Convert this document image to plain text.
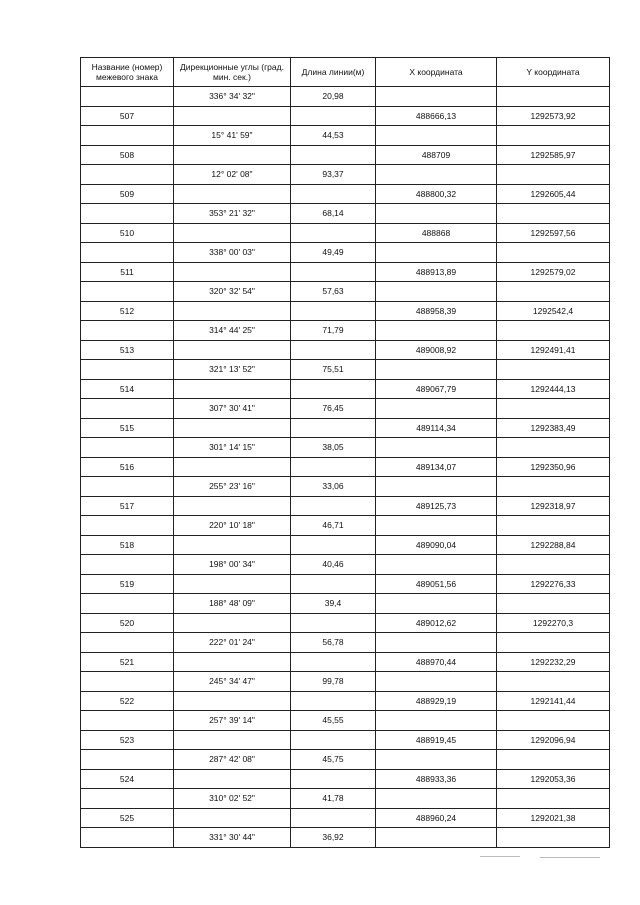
Название (номер) межевого знака	Дирекционные углы (град. мин. сек.)	Длина линии(м)	X координата	Y координата
	336° 34' 32"	20,98		
507			488666,13	1292573,92
	15° 41' 59"	44,53		
508			488709	1292585,97
	12° 02' 08"	93,37		
509			488800,32	1292605,44
	353° 21' 32"	68,14		
510			488868	1292597,56
	338° 00' 03"	49,49		
511			488913,89	1292579,02
	320° 32' 54"	57,63		
512			488958,39	1292542,4
	314° 44' 25"	71,79		
513			489008,92	1292491,41
	321° 13' 52"	75,51		
514			489067,79	1292444,13
	307° 30' 41"	76,45		
515			489114,34	1292383,49
	301° 14' 15"	38,05		
516			489134,07	1292350,96
	255° 23' 16"	33,06		
517			489125,73	1292318,97
	220° 10' 18"	46,71		
518			489090,04	1292288,84
	198° 00' 34"	40,46		
519			489051,56	1292276,33
	188° 48' 09"	39,4		
520			489012,62	1292270,3
	222° 01' 24"	56,78		
521			488970,44	1292232,29
	245° 34' 47"	99,78		
522			488929,19	1292141,44
	257° 39' 14"	45,55		
523			488919,45	1292096,94
	287° 42' 08"	45,75		
524			488933,36	1292053,36
	310° 02' 52"	41,78		
525			488960,24	1292021,38
	331° 30' 44"	36,92		
